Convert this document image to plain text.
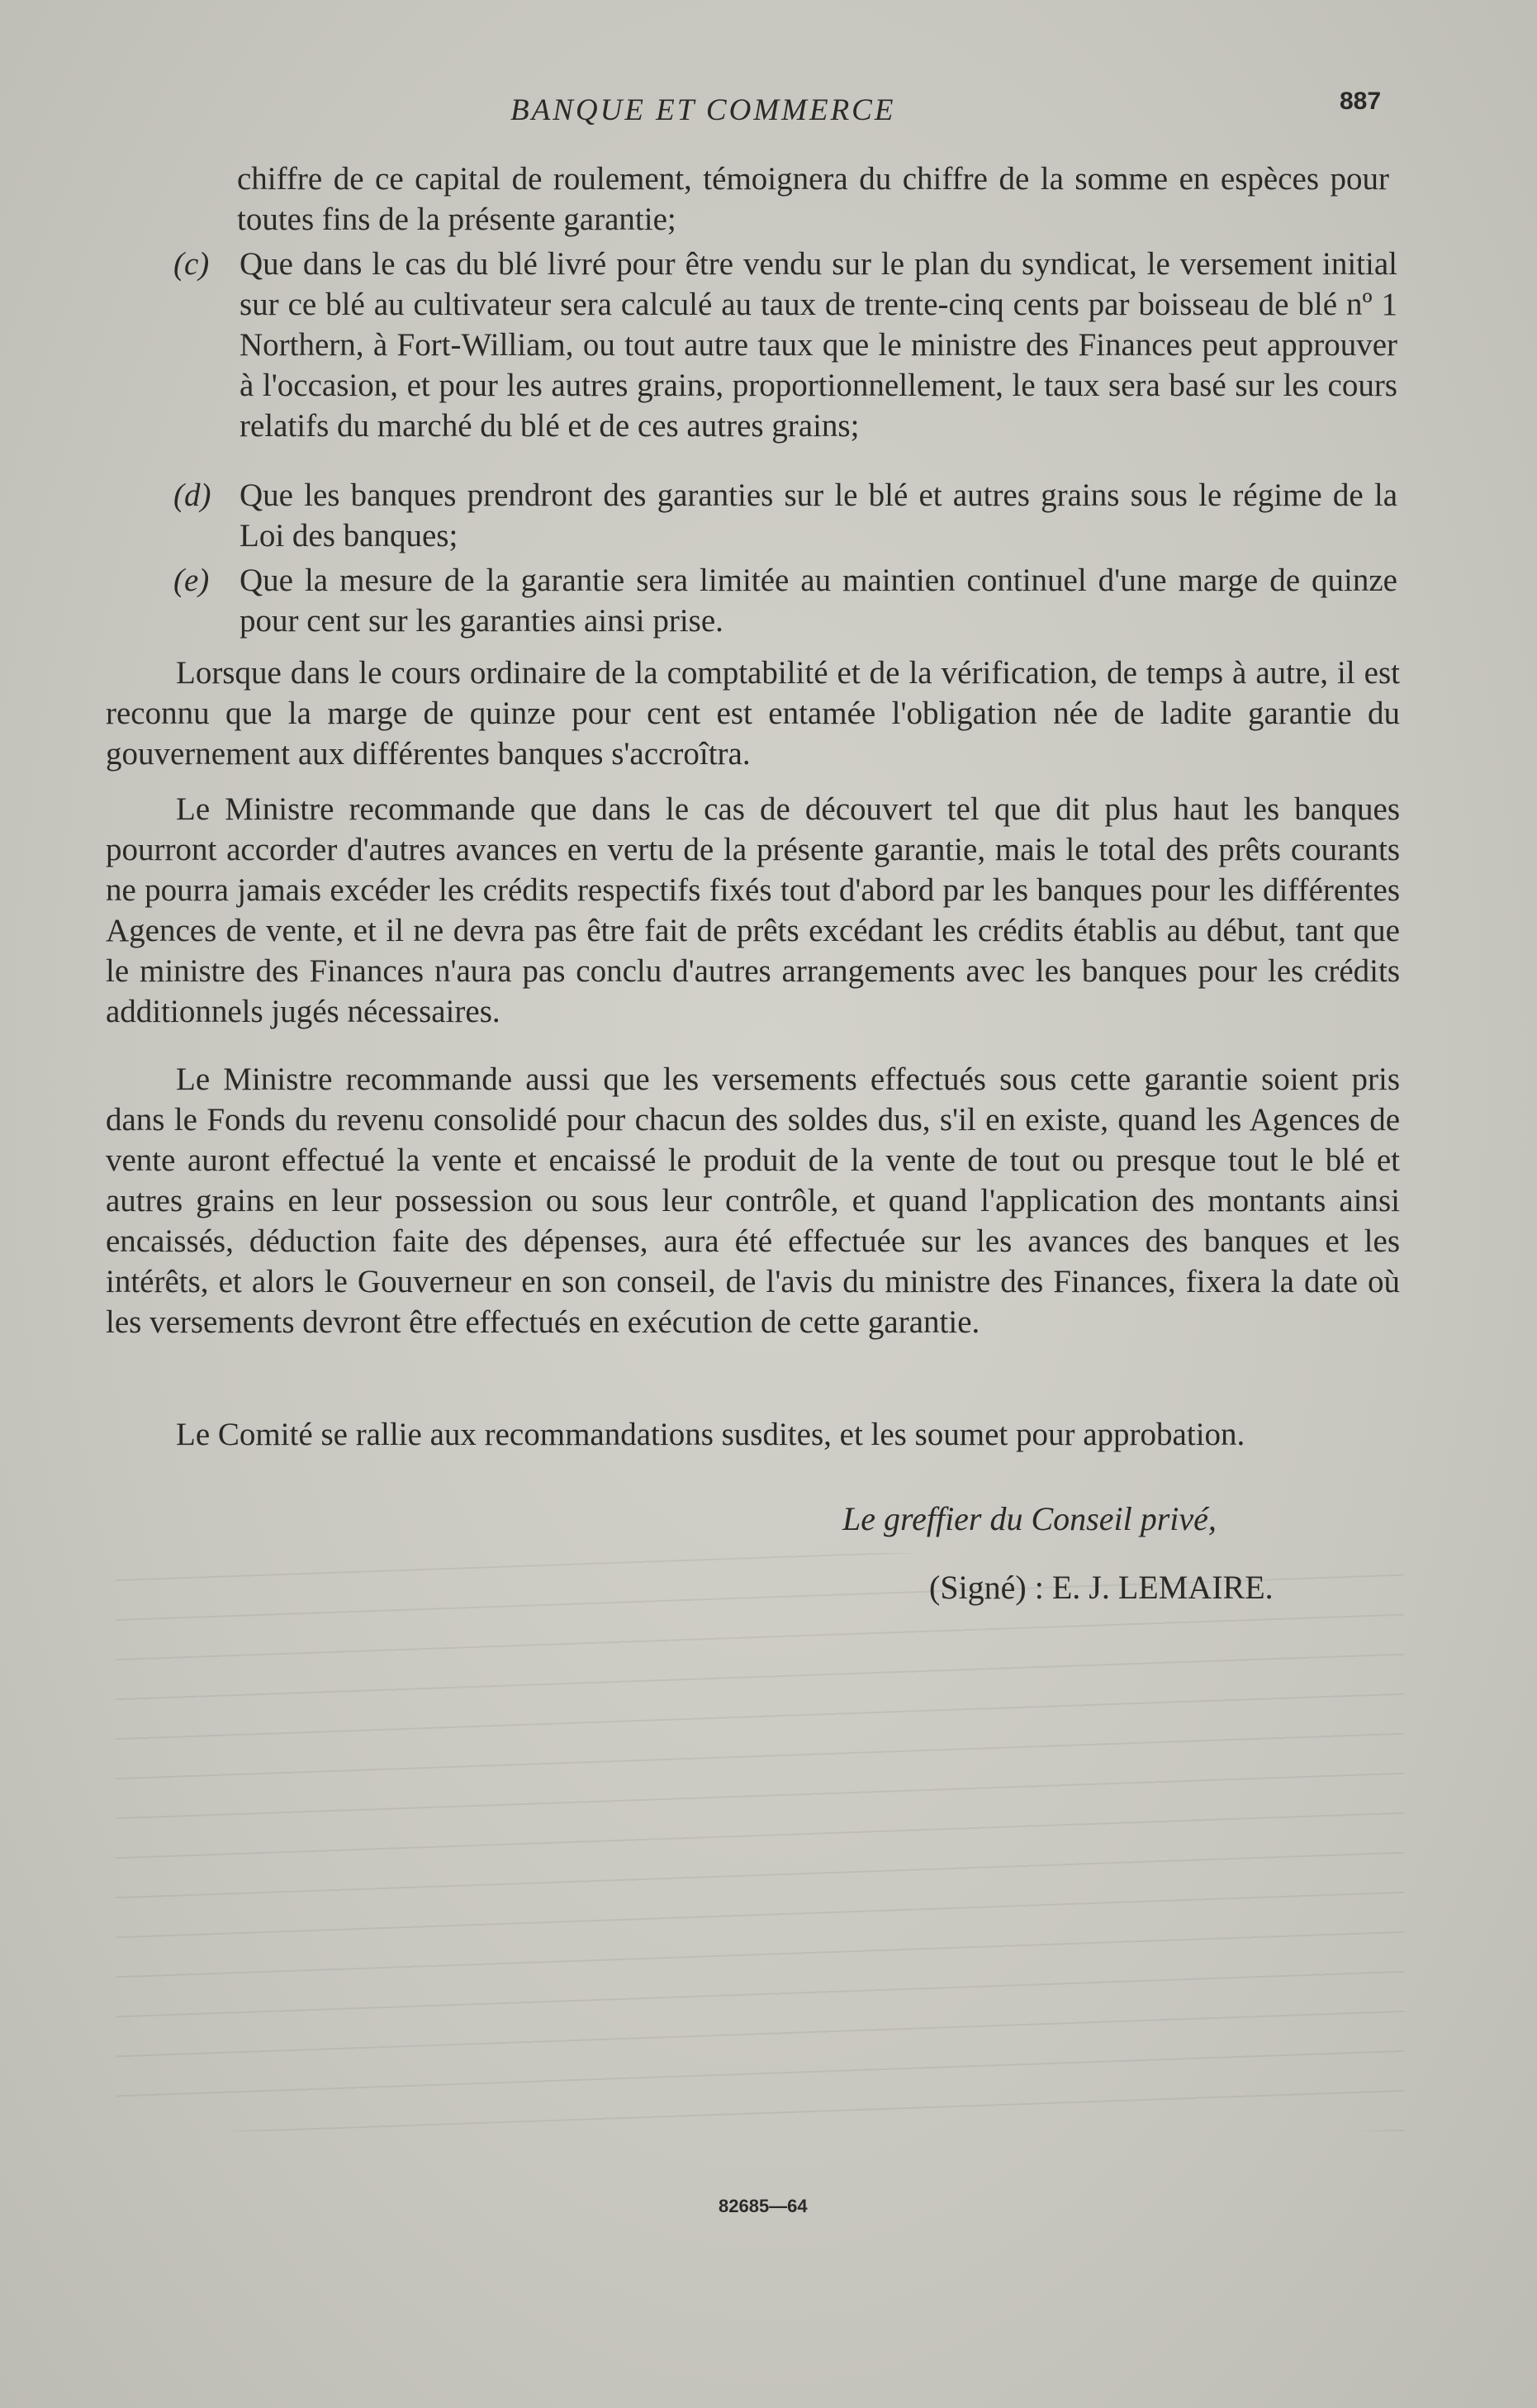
BANQUE ET COMMERCE	887
chiffre de ce capital de roulement, témoignera du chiffre de la somme en espèces pour toutes fins de la présente garantie;
(c) Que dans le cas du blé livré pour être vendu sur le plan du syndicat, le versement initial sur ce blé au cultivateur sera calculé au taux de trente-cinq cents par boisseau de blé nº 1 Northern, à Fort-William, ou tout autre taux que le ministre des Finances peut approuver à l'occasion, et pour les autres grains, proportionnellement, le taux sera basé sur les cours relatifs du marché du blé et de ces autres grains;
(d) Que les banques prendront des garanties sur le blé et autres grains sous le régime de la Loi des banques;
(e) Que la mesure de la garantie sera limitée au maintien continuel d'une marge de quinze pour cent sur les garanties ainsi prise.
Lorsque dans le cours ordinaire de la comptabilité et de la vérification, de temps à autre, il est reconnu que la marge de quinze pour cent est entamée l'obligation née de ladite garantie du gouvernement aux différentes banques s'accroîtra.
Le Ministre recommande que dans le cas de découvert tel que dit plus haut les banques pourront accorder d'autres avances en vertu de la présente garantie, mais le total des prêts courants ne pourra jamais excéder les crédits respectifs fixés tout d'abord par les banques pour les différentes Agences de vente, et il ne devra pas être fait de prêts excédant les crédits établis au début, tant que le ministre des Finances n'aura pas conclu d'autres arrangements avec les banques pour les crédits additionnels jugés nécessaires.
Le Ministre recommande aussi que les versements effectués sous cette garantie soient pris dans le Fonds du revenu consolidé pour chacun des soldes dus, s'il en existe, quand les Agences de vente auront effectué la vente et encaissé le produit de la vente de tout ou presque tout le blé et autres grains en leur possession ou sous leur contrôle, et quand l'application des montants ainsi encaissés, déduction faite des dépenses, aura été effectuée sur les avances des banques et les intérêts, et alors le Gouverneur en son conseil, de l'avis du ministre des Finances, fixera la date où les versements devront être effectués en exécution de cette garantie.
Le Comité se rallie aux recommandations susdites, et les soumet pour approbation.
Le greffier du Conseil privé,
(Signé) : E. J. LEMAIRE.
82685—64
